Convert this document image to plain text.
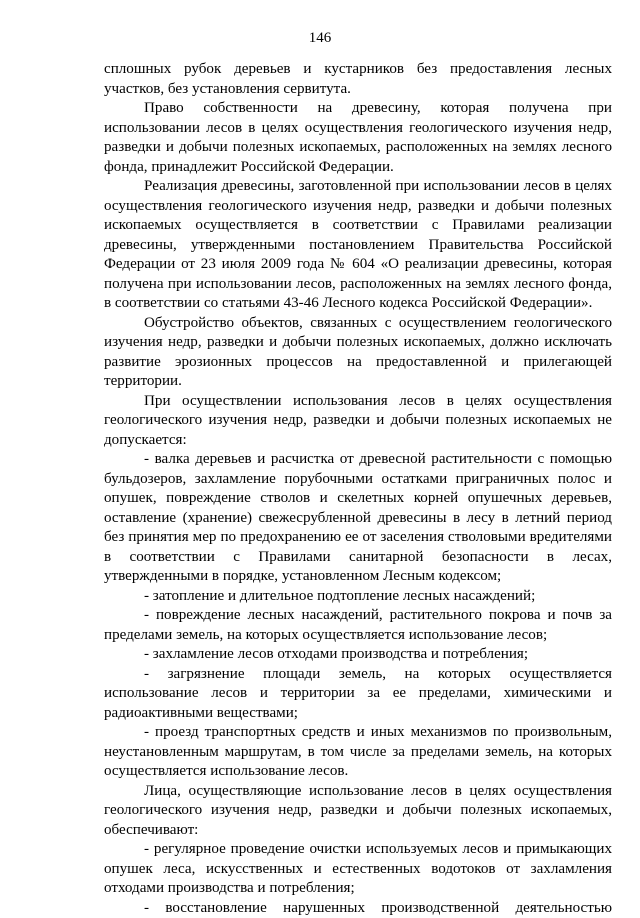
146

сплошных рубок деревьев и кустарников без предоставления лесных участков, без установления сервитута.

Право собственности на древесину, которая получена при использовании лесов в целях осуществления геологического изучения недр, разведки и добычи полезных ископаемых, расположенных на землях лесного фонда, принадлежит Российской Федерации.

Реализация древесины, заготовленной при использовании лесов в целях осуществления геологического изучения недр, разведки и добычи полезных ископаемых осуществляется в соответствии с Правилами реализации древесины, утвержденными постановлением Правительства Российской Федерации от 23 июля 2009 года № 604 «О реализации древесины, которая получена при использовании лесов, расположенных на землях лесного фонда, в соответствии со статьями 43-46 Лесного кодекса Российской Федерации».

Обустройство объектов, связанных с осуществлением геологического изучения недр, разведки и добычи полезных ископаемых, должно исключать развитие эрозионных процессов на предоставленной и прилегающей территории.

При осуществлении использования лесов в целях осуществления геологического изучения недр, разведки и добычи полезных ископаемых не допускается:

- валка деревьев и расчистка от древесной растительности с помощью бульдозеров, захламление порубочными остатками приграничных полос и опушек, повреждение стволов и скелетных корней опушечных деревьев, оставление (хранение) свежесрубленной древесины в лесу в летний период без принятия мер по предохранению ее от заселения стволовыми вредителями в соответствии с Правилами санитарной безопасности в лесах, утвержденными в порядке, установленном Лесным кодексом;

- затопление и длительное подтопление лесных насаждений;

- повреждение лесных насаждений, растительного покрова и почв за пределами земель, на которых осуществляется использование лесов;

- захламление лесов отходами производства и потребления;

- загрязнение площади земель, на которых осуществляется использование лесов и территории за ее пределами, химическими и радиоактивными веществами;

- проезд транспортных средств и иных механизмов по произвольным, неустановленным маршрутам, в том числе за пределами земель, на которых осуществляется использование лесов.

Лица, осуществляющие использование лесов в целях осуществления геологического изучения недр, разведки и добычи полезных ископаемых, обеспечивают:

- регулярное проведение очистки используемых лесов и примыкающих опушек леса, искусственных и естественных водотоков от захламления отходами производства и потребления;

- восстановление нарушенных производственной деятельностью
